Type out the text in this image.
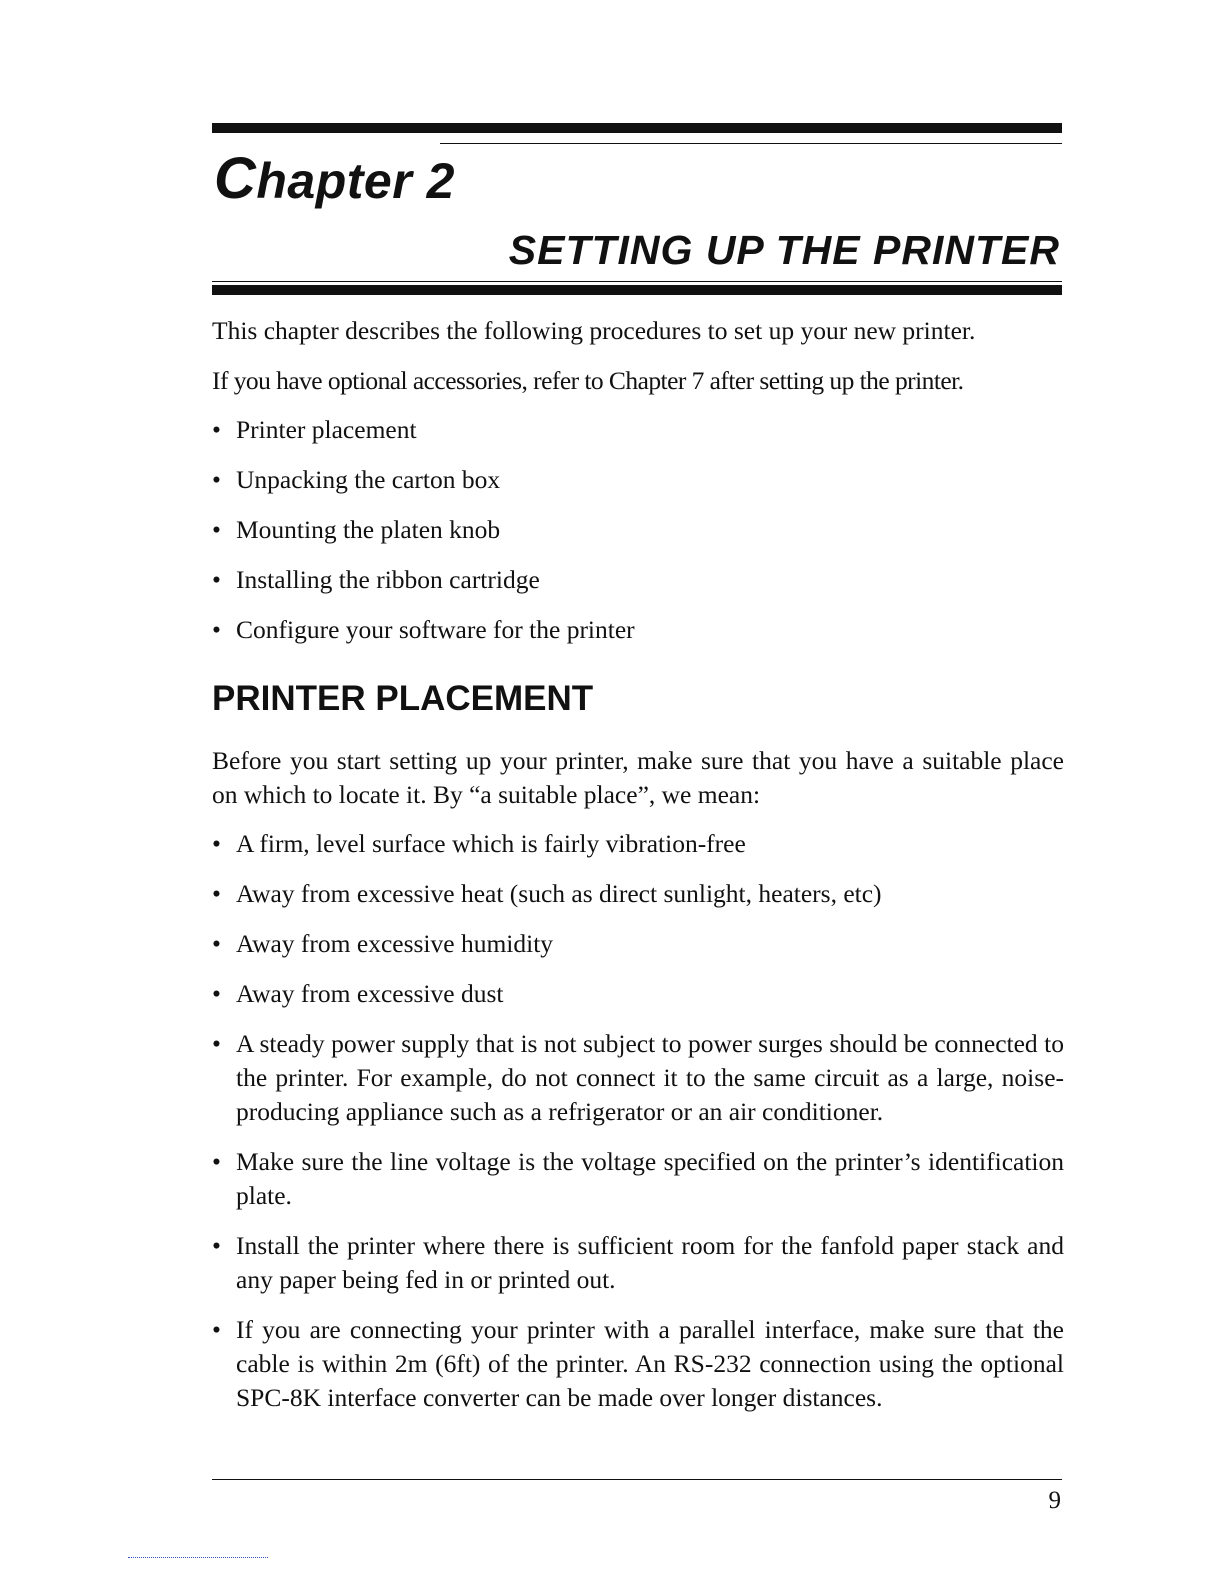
Chapter 2
SETTING UP THE PRINTER

This chapter describes the following procedures to set up your new printer.

If you have optional accessories, refer to Chapter 7 after setting up the printer.

• Printer placement
• Unpacking the carton box
• Mounting the platen knob
• Installing the ribbon cartridge
• Configure your software for the printer
PRINTER PLACEMENT

Before you start setting up your printer, make sure that you have a suitable place on which to locate it. By “a suitable place”, we mean:

• A firm, level surface which is fairly vibration-free
• Away from excessive heat (such as direct sunlight, heaters, etc)
• Away from excessive humidity
• Away from excessive dust
• A steady power supply that is not subject to power surges should be connected to the printer. For example, do not connect it to the same circuit as a large, noise-producing appliance such as a refrigerator or an air conditioner.
• Make sure the line voltage is the voltage specified on the printer’s identification plate.
• Install the printer where there is sufficient room for the fanfold paper stack and any paper being fed in or printed out.
• If you are connecting your printer with a parallel interface, make sure that the cable is within 2m (6ft) of the printer. An RS-232 connection using the optional SPC-8K interface converter can be made over longer distances.
9
